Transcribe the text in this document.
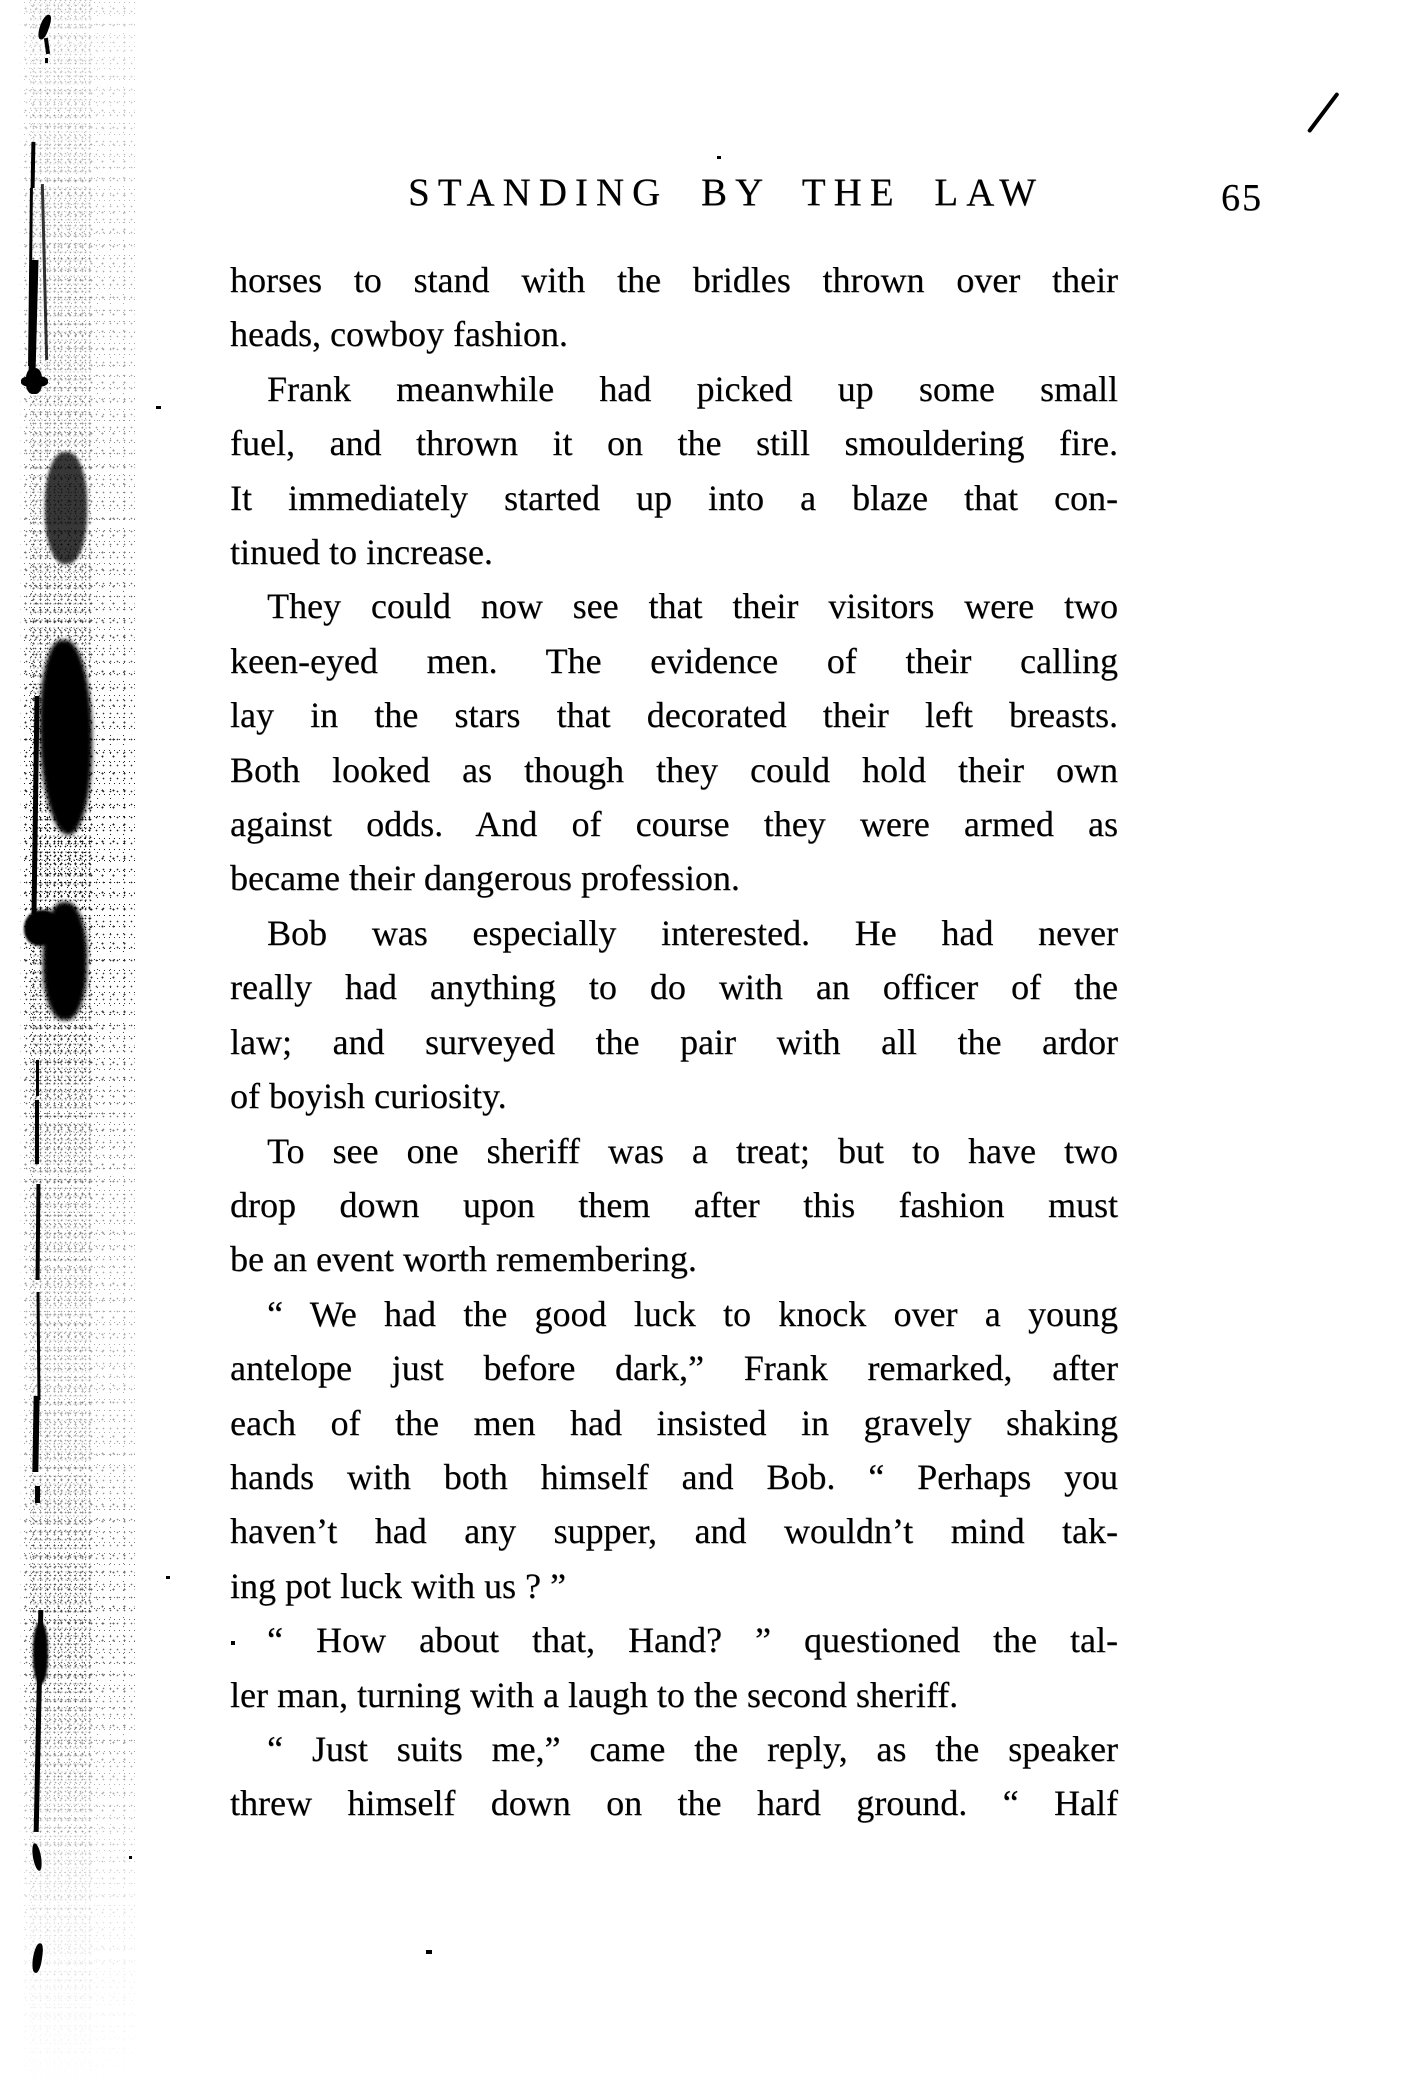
STANDING BY THE LAW	65
horses to stand with the bridles thrown over their
heads, cowboy fashion.
Frank meanwhile had picked up some small
fuel, and thrown it on the still smouldering fire.
It immediately started up into a blaze that con-
tinued to increase.
They could now see that their visitors were two
keen-eyed men. The evidence of their calling
lay in the stars that decorated their left breasts.
Both looked as though they could hold their own
against odds. And of course they were armed as
became their dangerous profession.
Bob was especially interested. He had never
really had anything to do with an officer of the
law; and surveyed the pair with all the ardor
of boyish curiosity.
To see one sheriff was a treat; but to have two
drop down upon them after this fashion must
be an event worth remembering.
“ We had the good luck to knock over a young
antelope just before dark,” Frank remarked, after
each of the men had insisted in gravely shaking
hands with both himself and Bob. “ Perhaps you
haven’t had any supper, and wouldn’t mind tak-
ing pot luck with us ? ”
“ How about that, Hand? ” questioned the tal-
ler man, turning with a laugh to the second sheriff.
“ Just suits me,” came the reply, as the speaker
threw himself down on the hard ground. “ Half
